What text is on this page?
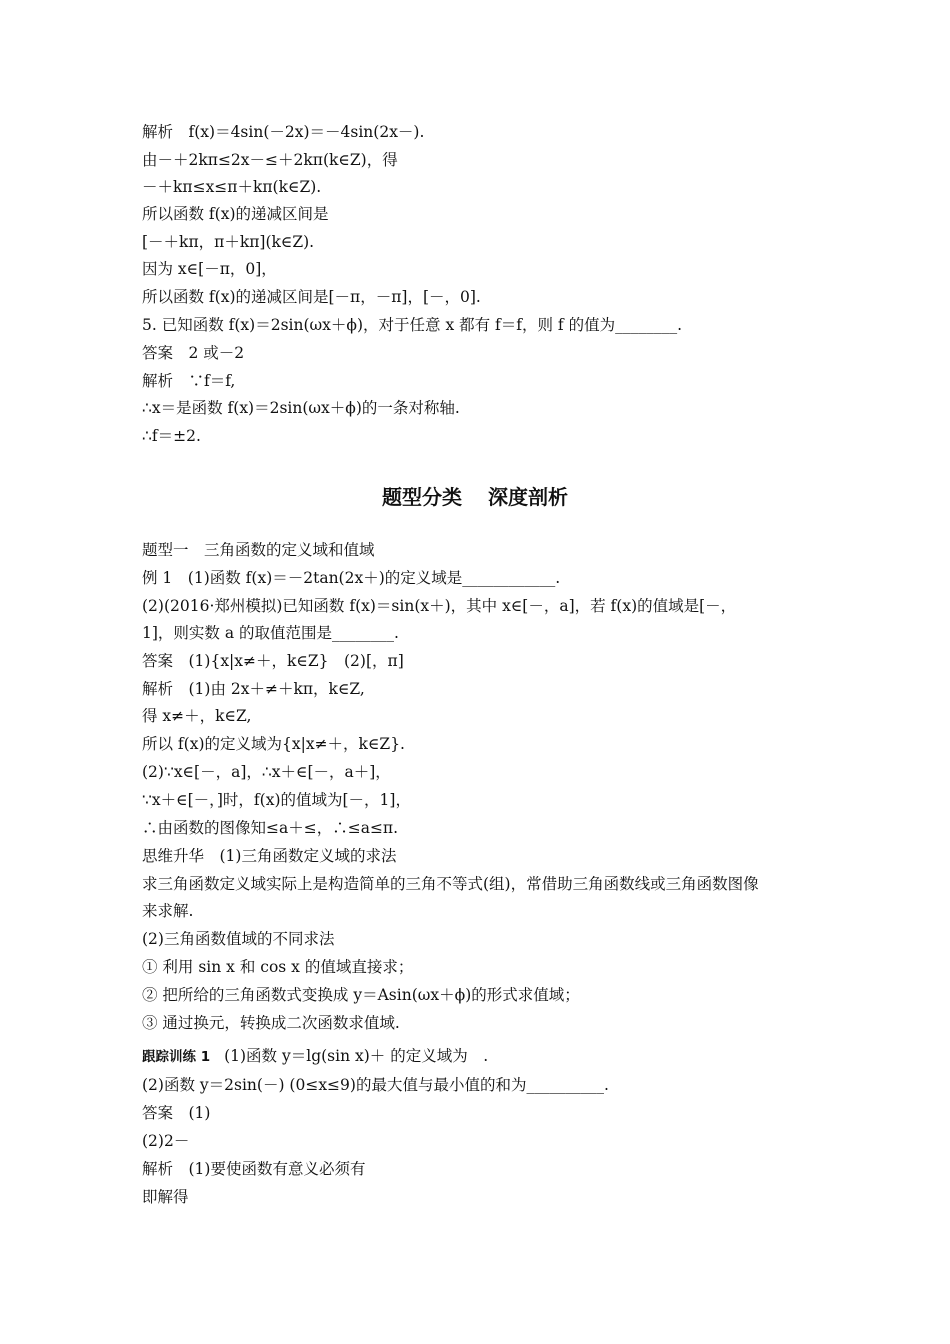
解析　f(x)＝4sin(－2x)＝－4sin(2x－).
由－＋2kπ≤2x－≤＋2kπ(k∈Z)，得
－＋kπ≤x≤π＋kπ(k∈Z).
所以函数 f(x)的递减区间是
[－＋kπ，π＋kπ](k∈Z).
因为 x∈[－π，0]，
所以函数 f(x)的递减区间是[－π，－π]，[－，0].
5. 已知函数 f(x)＝2sin(ωx＋ϕ)，对于任意 x 都有 f＝f，则 f 的值为________.
答案　2 或－2
解析　∵f＝f,
∴x＝是函数 f(x)＝2sin(ωx＋ϕ)的一条对称轴.
∴f＝±2.
题型分类 深度剖析
题型一　三角函数的定义域和值域
例 1　(1)函数 f(x)＝－2tan(2x＋)的定义域是____________.
(2)(2016·郑州模拟)已知函数 f(x)＝sin(x＋)，其中 x∈[－，a]，若 f(x)的值域是[－，
1]，则实数 a 的取值范围是________.
答案　(1){x|x≠＋，k∈Z}　(2)[，π]
解析　(1)由 2x＋≠＋kπ，k∈Z,
得 x≠＋，k∈Z,
所以 f(x)的定义域为{x|x≠＋，k∈Z}.
(2)∵x∈[－，a]，∴x＋∈[－，a＋]，
∵x＋∈[－，]时，f(x)的值域为[－，1]，
∴由函数的图像知≤a＋≤，∴≤a≤π.
思维升华　(1)三角函数定义域的求法
求三角函数定义域实际上是构造简单的三角不等式(组)，常借助三角函数线或三角函数图像
来求解.
(2)三角函数值域的不同求法
① 利用 sin x 和 cos x 的值域直接求；
② 把所给的三角函数式变换成 y＝Asin(ωx＋ϕ)的形式求值域；
③ 通过换元，转换成二次函数求值域.
跟踪训练 1 (1)函数 y＝lg(sin x)＋ 的定义域为　.
(2)函数 y＝2sin(－) (0≤x≤9)的最大值与最小值的和为__________.
答案　(1)
(2)2－
解析　(1)要使函数有意义必须有
即解得
